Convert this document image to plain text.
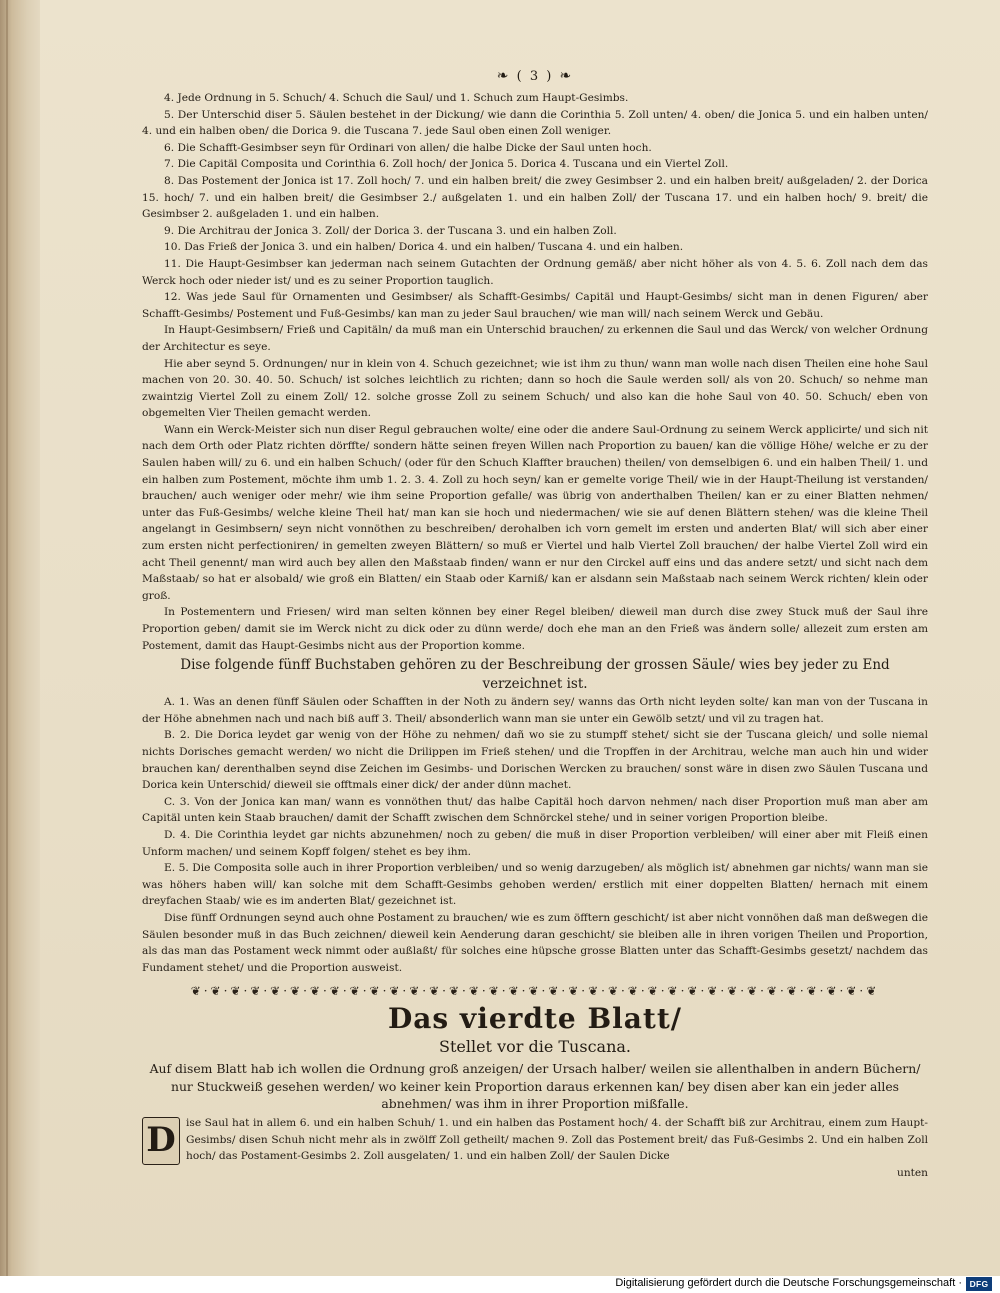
❧ ( 3 ) ❧

4. Jede Ordnung in 5. Schuch/ 4. Schuch die Saul/ und 1. Schuch zum Haupt-Gesimbs.

5. Der Unterschid diser 5. Säulen bestehet in der Dickung/ wie dann die Corinthia 5. Zoll unten/ 4. oben/ die Jonica 5. und ein halben unten/ 4. und ein halben oben/ die Dorica 9. die Tuscana 7. jede Saul oben einen Zoll weniger.

6. Die Schafft-Gesimbser seyn für Ordinari von allen/ die halbe Dicke der Saul unten hoch.

7. Die Capitäl Composita und Corinthia 6. Zoll hoch/ der Jonica 5. Dorica 4. Tuscana und ein Viertel Zoll.

8. Das Postement der Jonica ist 17. Zoll hoch/ 7. und ein halben breit/ die zwey Gesimbser 2. und ein halben breit/ außgeladen/ 2. der Dorica 15. hoch/ 7. und ein halben breit/ die Gesimbser 2./ außgelaten 1. und ein halben Zoll/ der Tuscana 17. und ein halben hoch/ 9. breit/ die Gesimbser 2. außgeladen 1. und ein halben.

9. Die Architrau der Jonica 3. Zoll/ der Dorica 3. der Tuscana 3. und ein halben Zoll.

10. Das Frieß der Jonica 3. und ein halben/ Dorica 4. und ein halben/ Tuscana 4. und ein halben.

11. Die Haupt-Gesimbser kan jederman nach seinem Gutachten der Ordnung gemäß/ aber nicht höher als von 4. 5. 6. Zoll nach dem das Werck hoch oder nieder ist/ und es zu seiner Proportion tauglich.

12. Was jede Saul für Ornamenten und Gesimbser/ als Schafft-Gesimbs/ Capitäl und Haupt-Gesimbs/ sicht man in denen Figuren/ aber Schafft-Gesimbs/ Postement und Fuß-Gesimbs/ kan man zu jeder Saul brauchen/ wie man will/ nach seinem Werck und Gebäu.

In Haupt-Gesimbsern/ Frieß und Capitäln/ da muß man ein Unterschid brauchen/ zu erkennen die Saul und das Werck/ von welcher Ordnung der Architectur es seye.

Hie aber seynd 5. Ordnungen/ nur in klein von 4. Schuch gezeichnet; wie ist ihm zu thun/ wann man wolle nach disen Theilen eine hohe Saul machen von 20. 30. 40. 50. Schuch/ ist solches leichtlich zu richten; dann so hoch die Saule werden soll/ als von 20. Schuch/ so nehme man zwaintzig Viertel Zoll zu einem Zoll/ 12. solche grosse Zoll zu seinem Schuch/ und also kan die hohe Saul von 40. 50. Schuch/ eben von obgemelten Vier Theilen gemacht werden.

Wann ein Werck-Meister sich nun diser Regul gebrauchen wolte/ eine oder die andere Saul-Ordnung zu seinem Werck applicirte/ und sich nit nach dem Orth oder Platz richten dörffte/ sondern hätte seinen freyen Willen nach Proportion zu bauen/ kan die völlige Höhe/ welche er zu der Saulen haben will/ zu 6. und ein halben Schuch/ (oder für den Schuch Klaffter brauchen) theilen/ von demselbigen 6. und ein halben Theil/ 1. und ein halben zum Postement, möchte ihm umb 1. 2. 3. 4. Zoll zu hoch seyn/ kan er gemelte vorige Theil/ wie in der Haupt-Theilung ist verstanden/ brauchen/ auch weniger oder mehr/ wie ihm seine Proportion gefalle/ was übrig von anderthalben Theilen/ kan er zu einer Blatten nehmen/ unter das Fuß-Gesimbs/ welche kleine Theil hat/ man kan sie hoch und niedermachen/ wie sie auf denen Blättern stehen/ was die kleine Theil angelangt in Gesimbsern/ seyn nicht vonnöthen zu beschreiben/ derohalben ich vorn gemelt im ersten und anderten Blat/ will sich aber einer zum ersten nicht perfectioniren/ in gemelten zweyen Blättern/ so muß er Viertel und halb Viertel Zoll brauchen/ der halbe Viertel Zoll wird ein acht Theil genennt/ man wird auch bey allen den Maßstaab finden/ wann er nur den Circkel auff eins und das andere setzt/ und sicht nach dem Maßstaab/ so hat er alsobald/ wie groß ein Blatten/ ein Staab oder Karniß/ kan er alsdann sein Maßstaab nach seinem Werck richten/ klein oder groß.

In Postementern und Friesen/ wird man selten können bey einer Regel bleiben/ dieweil man durch dise zwey Stuck muß der Saul ihre Proportion geben/ damit sie im Werck nicht zu dick oder zu dünn werde/ doch ehe man an den Frieß was ändern solle/ allezeit zum ersten am Postement, damit das Haupt-Gesimbs nicht aus der Proportion komme.

Dise folgende fünff Buchstaben gehören zu der Beschreibung der grossen Säule/ wies bey jeder zu End verzeichnet ist.

A. 1. Was an denen fünff Säulen oder Schafften in der Noth zu ändern sey/ wanns das Orth nicht leyden solte/ kan man von der Tuscana in der Höhe abnehmen nach und nach biß auff 3. Theil/ absonderlich wann man sie unter ein Gewölb setzt/ und vil zu tragen hat.

B. 2. Die Dorica leydet gar wenig von der Höhe zu nehmen/ dañ wo sie zu stumpff stehet/ sicht sie der Tuscana gleich/ und solle niemal nichts Dorisches gemacht werden/ wo nicht die Drilippen im Frieß stehen/ und die Tropffen in der Architrau, welche man auch hin und wider brauchen kan/ derenthalben seynd dise Zeichen im Gesimbs- und Dorischen Wercken zu brauchen/ sonst wäre in disen zwo Säulen Tuscana und Dorica kein Unterschid/ dieweil sie offtmals einer dick/ der ander dünn machet.

C. 3. Von der Jonica kan man/ wann es vonnöthen thut/ das halbe Capitäl hoch darvon nehmen/ nach diser Proportion muß man aber am Capitäl unten kein Staab brauchen/ damit der Schafft zwischen dem Schnörckel stehe/ und in seiner vorigen Proportion bleibe.

D. 4. Die Corinthia leydet gar nichts abzunehmen/ noch zu geben/ die muß in diser Proportion verbleiben/ will einer aber mit Fleiß einen Unform machen/ und seinem Kopff folgen/ stehet es bey ihm.

E. 5. Die Composita solle auch in ihrer Proportion verbleiben/ und so wenig darzugeben/ als möglich ist/ abnehmen gar nichts/ wann man sie was höhers haben will/ kan solche mit dem Schafft-Gesimbs gehoben werden/ erstlich mit einer doppelten Blatten/ hernach mit einem dreyfachen Staab/ wie es im anderten Blat/ gezeichnet ist.

Dise fünff Ordnungen seynd auch ohne Postament zu brauchen/ wie es zum öfftern geschicht/ ist aber nicht vonnöhen daß man deßwegen die Säulen besonder muß in das Buch zeichnen/ dieweil kein Aenderung daran geschicht/ sie bleiben alle in ihren vorigen Theilen und Proportion, als das man das Postament weck nimmt oder außlaßt/ für solches eine hüpsche grosse Blatten unter das Schafft-Gesimbs gesetzt/ nachdem das Fundament stehet/ und die Proportion ausweist.

❦·❦·❦·❦·❦·❦·❦·❦·❦·❦·❦·❦·❦·❦·❦·❦·❦·❦·❦·❦·❦·❦·❦·❦·❦·❦·❦·❦·❦·❦·❦·❦·❦·❦·❦
Das vierdte Blatt/
Stellet vor die Tuscana.

Auf disem Blatt hab ich wollen die Ordnung groß anzeigen/ der Ursach halber/ weilen sie allenthalben in andern Büchern/ nur Stuckweiß gesehen werden/ wo keiner kein Proportion daraus erkennen kan/ bey disen aber kan ein jeder alles abnehmen/ was ihm in ihrer Proportion mißfalle.

D ise Saul hat in allem 6. und ein halben Schuh/ 1. und ein halben das Postament hoch/ 4. der Schafft biß zur Architrau, einem zum Haupt-Gesimbs/ disen Schuh nicht mehr als in zwölff Zoll getheilt/ machen 9. Zoll das Postement breit/ das Fuß-Gesimbs 2. Und ein halben Zoll hoch/ das Postament-Gesimbs 2. Zoll ausgelaten/ 1. und ein halben Zoll/ der Saulen Dicke

unten

Digitalisierung gefördert durch die Deutsche Forschungsgemeinschaft · DFG
